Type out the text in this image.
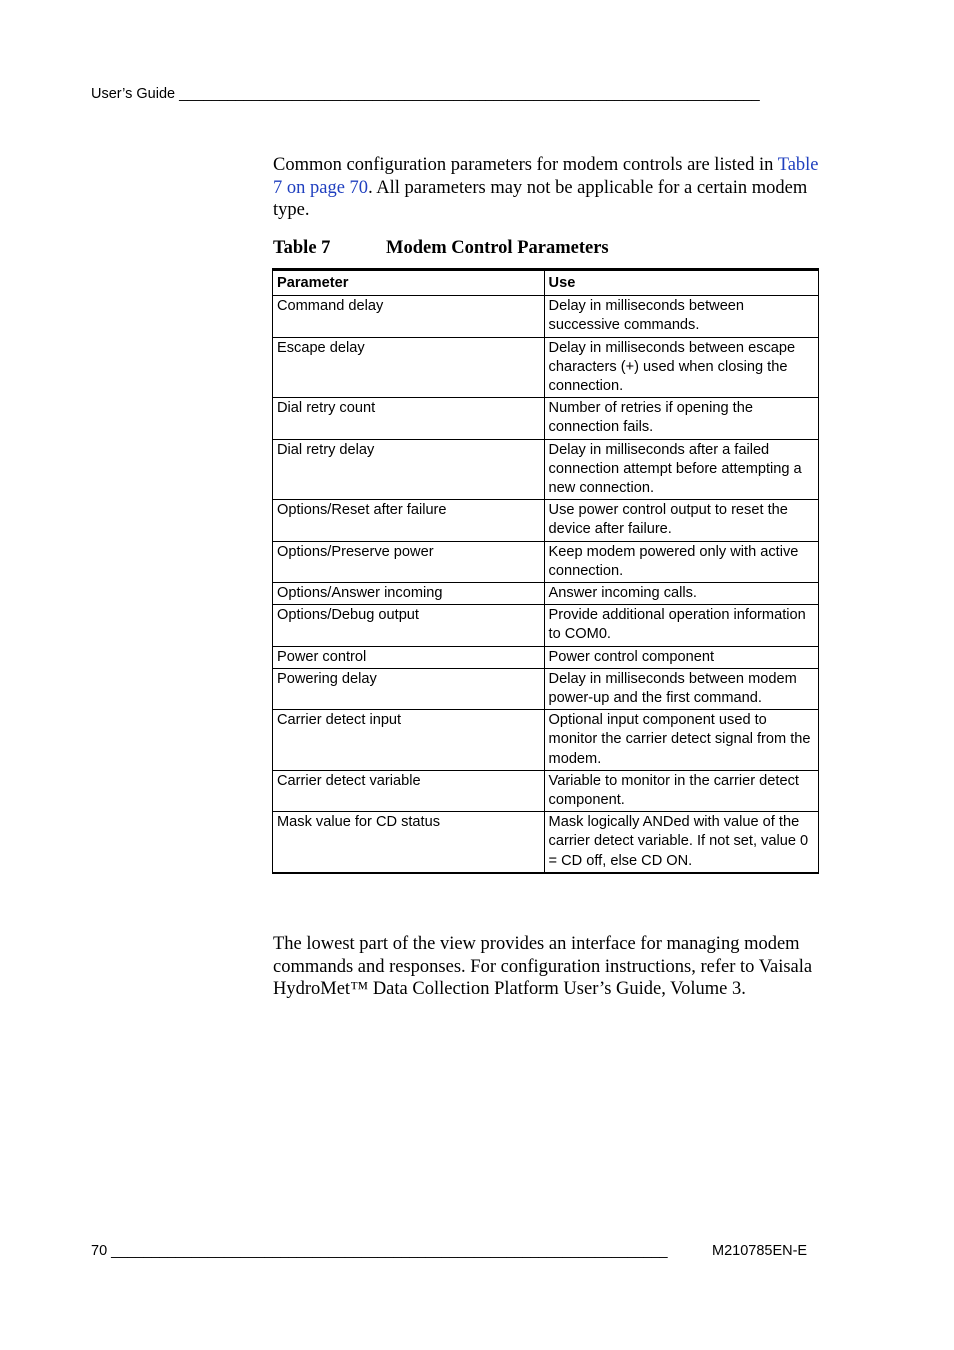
User’s Guide ________________________________________________________________________

Common configuration parameters for modem controls are listed in Table 7 on page 70. All parameters may not be applicable for a certain modem type.

Table 7	Modem Control Parameters
Parameter	Use
Command delay	Delay in milliseconds between successive commands.
Escape delay	Delay in milliseconds between escape characters (+) used when closing the connection.
Dial retry count	Number of retries if opening the connection fails.
Dial retry delay	Delay in milliseconds after a failed connection attempt before attempting a new connection.
Options/Reset after failure	Use power control output to reset the device after failure.
Options/Preserve power	Keep modem powered only with active connection.
Options/Answer incoming	Answer incoming calls.
Options/Debug output	Provide additional operation information to COM0.
Power control	Power control component
Powering delay	Delay in milliseconds between modem power-up and the first command.
Carrier detect input	Optional input component used to monitor the carrier detect signal from the modem.
Carrier detect variable	Variable to monitor in the carrier detect component.
Mask value for CD status	Mask logically ANDed with value of the carrier detect variable. If not set, value 0 = CD off, else CD ON.

The lowest part of the view provides an interface for managing modem commands and responses. For configuration instructions, refer to Vaisala HydroMet™ Data Collection Platform User’s Guide, Volume 3.

70 _____________________________________________________________________	M210785EN-E
